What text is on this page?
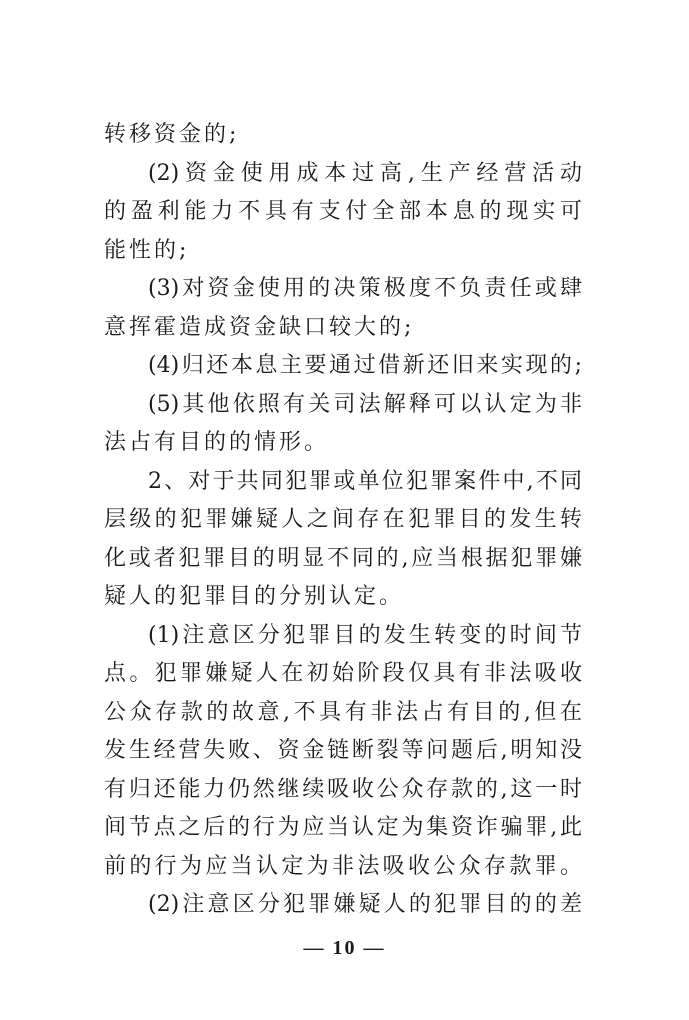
转移资金的;
(2)资金使用成本过高,生产经营活动
的盈利能力不具有支付全部本息的现实可
能性的;
(3)对资金使用的决策极度不负责任或肆
意挥霍造成资金缺口较大的;
(4)归还本息主要通过借新还旧来实现的;
(5)其他依照有关司法解释可以认定为非
法占有目的的情形。
2、对于共同犯罪或单位犯罪案件中,不同
层级的犯罪嫌疑人之间存在犯罪目的发生转
化或者犯罪目的明显不同的,应当根据犯罪嫌
疑人的犯罪目的分别认定。
(1)注意区分犯罪目的发生转变的时间节
点。犯罪嫌疑人在初始阶段仅具有非法吸收
公众存款的故意,不具有非法占有目的,但在
发生经营失败、资金链断裂等问题后,明知没
有归还能力仍然继续吸收公众存款的,这一时
间节点之后的行为应当认定为集资诈骗罪,此
前的行为应当认定为非法吸收公众存款罪。
(2)注意区分犯罪嫌疑人的犯罪目的的差
— 10 —
